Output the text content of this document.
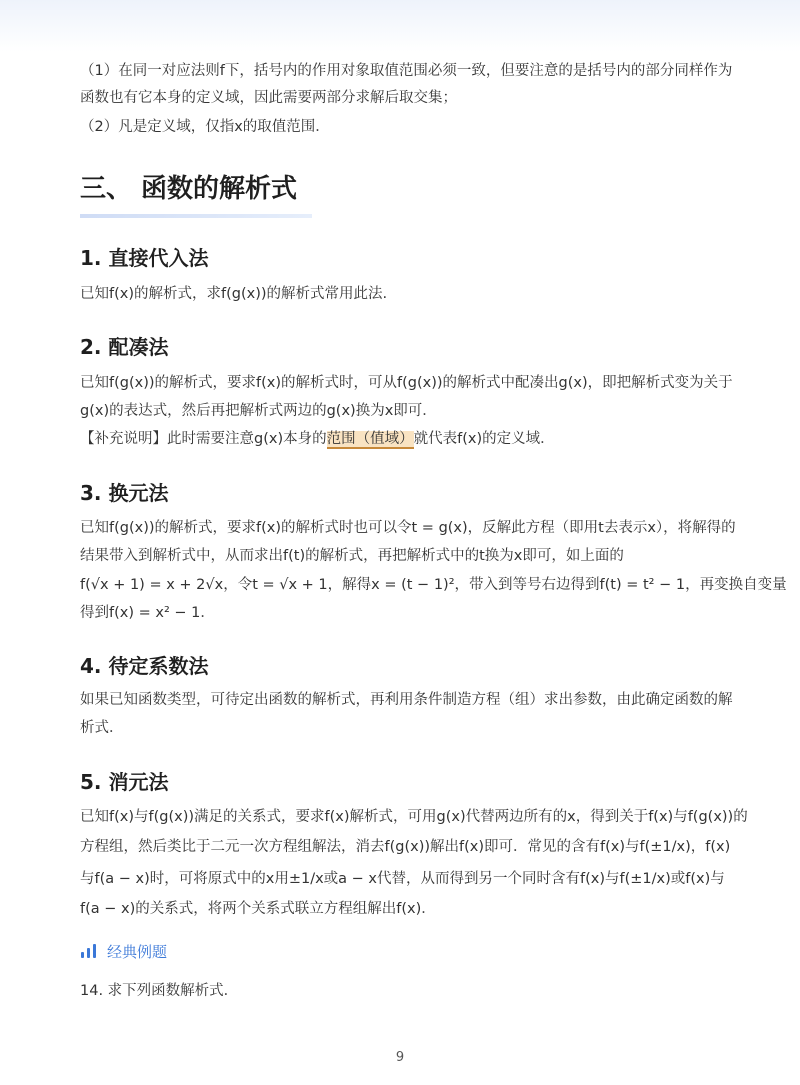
（1）在同一对应法则f下，括号内的作用对象取值范围必须一致，但要注意的是括号内的部分同样作为

函数也有它本身的定义域，因此需要两部分求解后取交集；

（2）凡是定义域，仅指x的取值范围．

三、 函数的解析式
1. 直接代入法

已知f(x)的解析式，求f(g(x))的解析式常用此法.

2. 配凑法

已知f(g(x))的解析式，要求f(x)的解析式时，可从f(g(x))的解析式中配凑出g(x)，即把解析式变为关于

g(x)的表达式，然后再把解析式两边的g(x)换为x即可．

【补充说明】此时需要注意g(x)本身的范围（值域）就代表f(x)的定义域．

3. 换元法

已知f(g(x))的解析式，要求f(x)的解析式时也可以令t = g(x)，反解此方程（即用t去表示x），将解得的

结果带入到解析式中，从而求出f(t)的解析式，再把解析式中的t换为x即可，如上面的

f(√x + 1) = x + 2√x，令t = √x + 1，解得x = (t − 1)²，带入到等号右边得到f(t) = t² − 1，再变换自变量

得到f(x) = x² − 1．

4. 待定系数法

如果已知函数类型，可待定出函数的解析式，再利用条件制造方程（组）求出参数，由此确定函数的解

析式．

5. 消元法

已知f(x)与f(g(x))满足的关系式，要求f(x)解析式，可用g(x)代替两边所有的x，得到关于f(x)与f(g(x))的

方程组，然后类比于二元一次方程组解法，消去f(g(x))解出f(x)即可．常见的含有f(x)与f(±1/x)，f(x)

与f(a − x)时，可将原式中的x用±1/x或a − x代替，从而得到另一个同时含有f(x)与f(±1/x)或f(x)与

f(a − x)的关系式，将两个关系式联立方程组解出f(x)．

经典例题

14. 求下列函数解析式．

9
